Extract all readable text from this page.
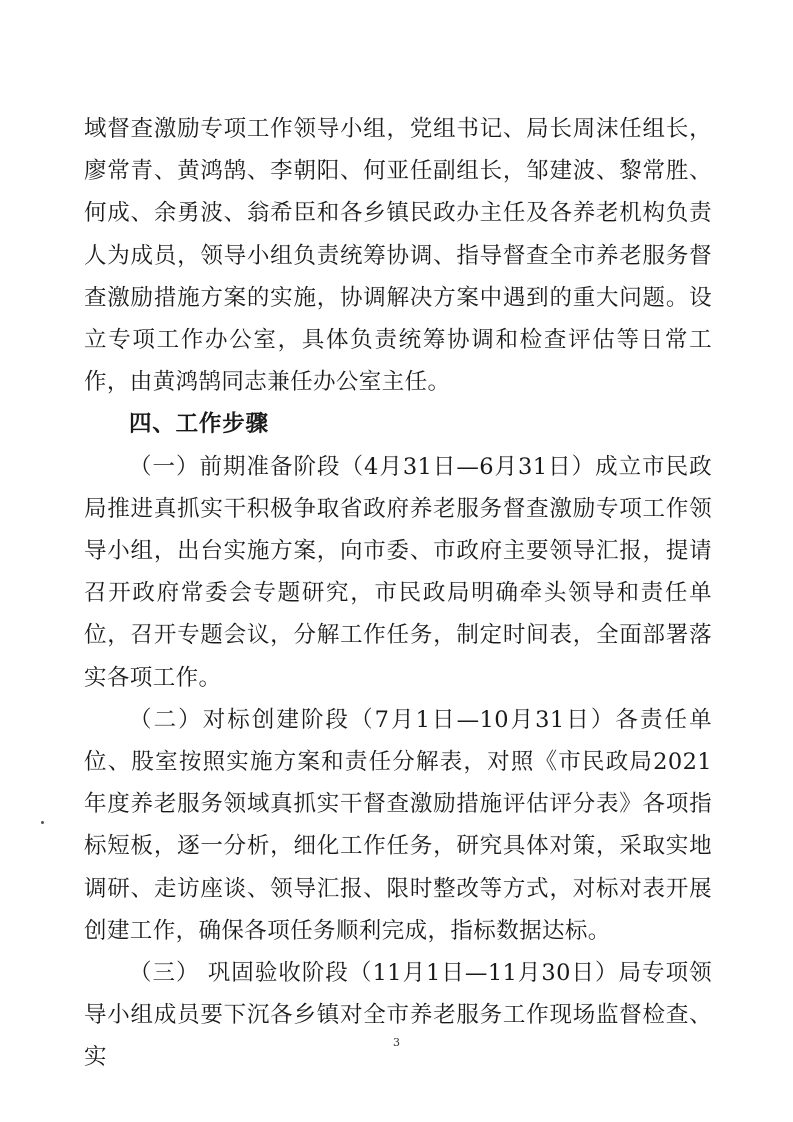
域督查激励专项工作领导小组，党组书记、局长周沫任组长，廖常青、黄鸿鹄、李朝阳、何亚任副组长，邹建波、黎常胜、何成、余勇波、翁希臣和各乡镇民政办主任及各养老机构负责人为成员，领导小组负责统筹协调、指导督查全市养老服务督查激励措施方案的实施，协调解决方案中遇到的重大问题。设立专项工作办公室，具体负责统筹协调和检查评估等日常工作，由黄鸿鹄同志兼任办公室主任。

四、工作步骤

（一）前期准备阶段（4月31日—6月31日）成立市民政局推进真抓实干积极争取省政府养老服务督查激励专项工作领导小组，出台实施方案，向市委、市政府主要领导汇报，提请召开政府常委会专题研究，市民政局明确牵头领导和责任单位，召开专题会议，分解工作任务，制定时间表，全面部署落实各项工作。

（二）对标创建阶段（7月1日—10月31日）各责任单位、股室按照实施方案和责任分解表，对照《市民政局2021年度养老服务领域真抓实干督查激励措施评估评分表》各项指标短板，逐一分析，细化工作任务，研究具体对策，采取实地调研、走访座谈、领导汇报、限时整改等方式，对标对表开展创建工作，确保各项任务顺利完成，指标数据达标。

（三） 巩固验收阶段（11月1日—11月30日）局专项领导小组成员要下沉各乡镇对全市养老服务工作现场监督检查、实

3
